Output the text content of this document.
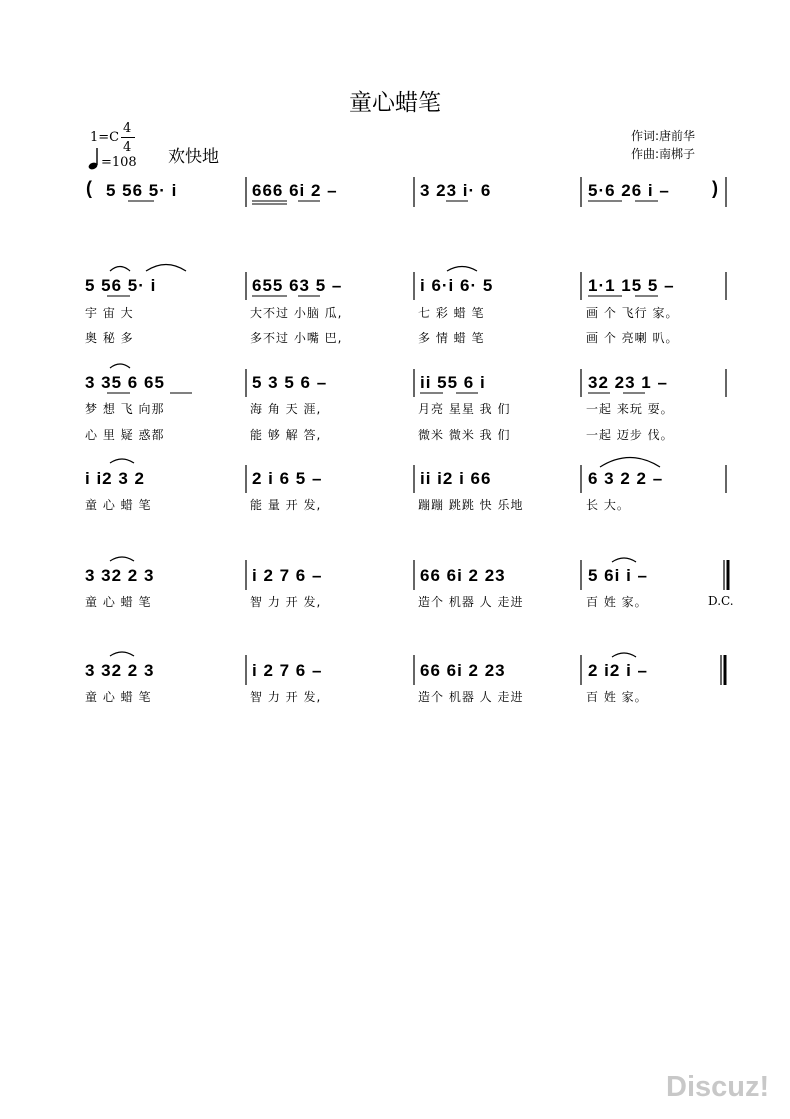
童心蜡笔
1=C
4
4
=108 欢快地
作词:唐前华
作曲:南梆子
(	)
5 56 5· i	666 6i 2 –	3 23 i· 6	5·6 26 i –
5 56 5· i	655 63 5 –	i 6·i 6· 5	1·1 15 5 –
宇 宙 大	大不过 小脑 瓜,	七 彩 蜡 笔	画 个 飞行 家。
奥 秘 多	多不过 小嘴 巴,	多 情 蜡 笔	画 个 亮喇 叭。
3 35 6 65	5 3 5 6 –	ii 55 6 i	32 23 1 –
梦 想 飞 向那	海 角 天 涯,	月亮 星星 我 们	一起 来玩 耍。
心 里 疑 惑都	能 够 解 答,	微米 微米 我 们	一起 迈步 伐。
i i2 3 2	2 i 6 5 –	ii i2 i 66	6 3 2 2 –
童 心 蜡 笔	能 量 开 发,	蹦蹦 跳跳 快 乐地	长 大。
3 32 2 3	i 2 7 6 –	66 6i 2 23	5 6i i –
童 心 蜡 笔	智 力 开 发,	造个 机器 人 走进	百 姓 家。	D.C.
3 32 2 3	i 2 7 6 –	66 6i 2 23	2 i2 i –
童 心 蜡 笔	智 力 开 发,	造个 机器 人 走进	百 姓 家。
Discuz!
